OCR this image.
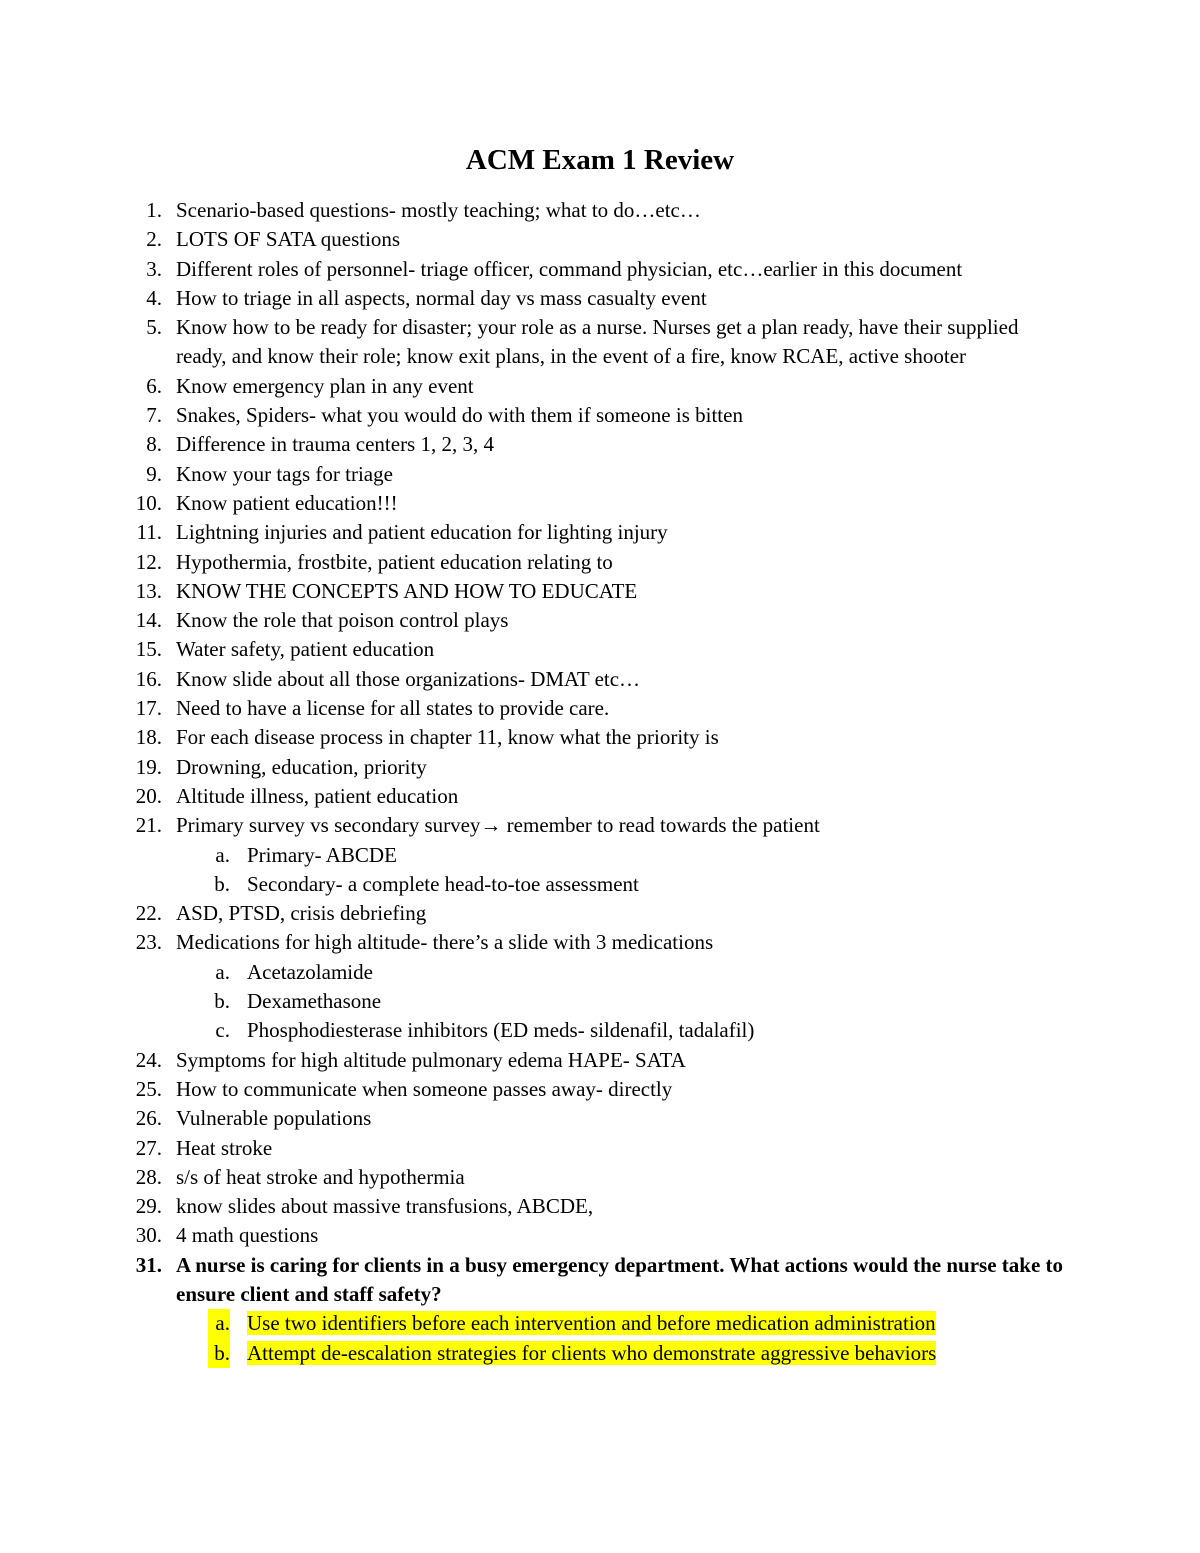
ACM Exam 1 Review
1. Scenario-based questions- mostly teaching; what to do…etc…
2. LOTS OF SATA questions
3. Different roles of personnel- triage officer, command physician, etc…earlier in this document
4. How to triage in all aspects, normal day vs mass casualty event
5. Know how to be ready for disaster; your role as a nurse. Nurses get a plan ready, have their supplied ready, and know their role; know exit plans, in the event of a fire, know RCAE, active shooter
6. Know emergency plan in any event
7. Snakes, Spiders- what you would do with them if someone is bitten
8. Difference in trauma centers 1, 2, 3, 4
9. Know your tags for triage
10. Know patient education!!!
11. Lightning injuries and patient education for lighting injury
12. Hypothermia, frostbite, patient education relating to
13. KNOW THE CONCEPTS AND HOW TO EDUCATE
14. Know the role that poison control plays
15. Water safety, patient education
16. Know slide about all those organizations- DMAT etc…
17. Need to have a license for all states to provide care.
18. For each disease process in chapter 11, know what the priority is
19. Drowning, education, priority
20. Altitude illness, patient education
21. Primary survey vs secondary survey→ remember to read towards the patient
a. Primary- ABCDE
b. Secondary- a complete head-to-toe assessment
22. ASD, PTSD, crisis debriefing
23. Medications for high altitude- there’s a slide with 3 medications
a. Acetazolamide
b. Dexamethasone
c. Phosphodiesterase inhibitors (ED meds- sildenafil, tadalafil)
24. Symptoms for high altitude pulmonary edema HAPE- SATA
25. How to communicate when someone passes away- directly
26. Vulnerable populations
27. Heat stroke
28. s/s of heat stroke and hypothermia
29. know slides about massive transfusions, ABCDE,
30. 4 math questions
31. A nurse is caring for clients in a busy emergency department. What actions would the nurse take to ensure client and staff safety?
a. Use two identifiers before each intervention and before medication administration
b. Attempt de-escalation strategies for clients who demonstrate aggressive behaviors
